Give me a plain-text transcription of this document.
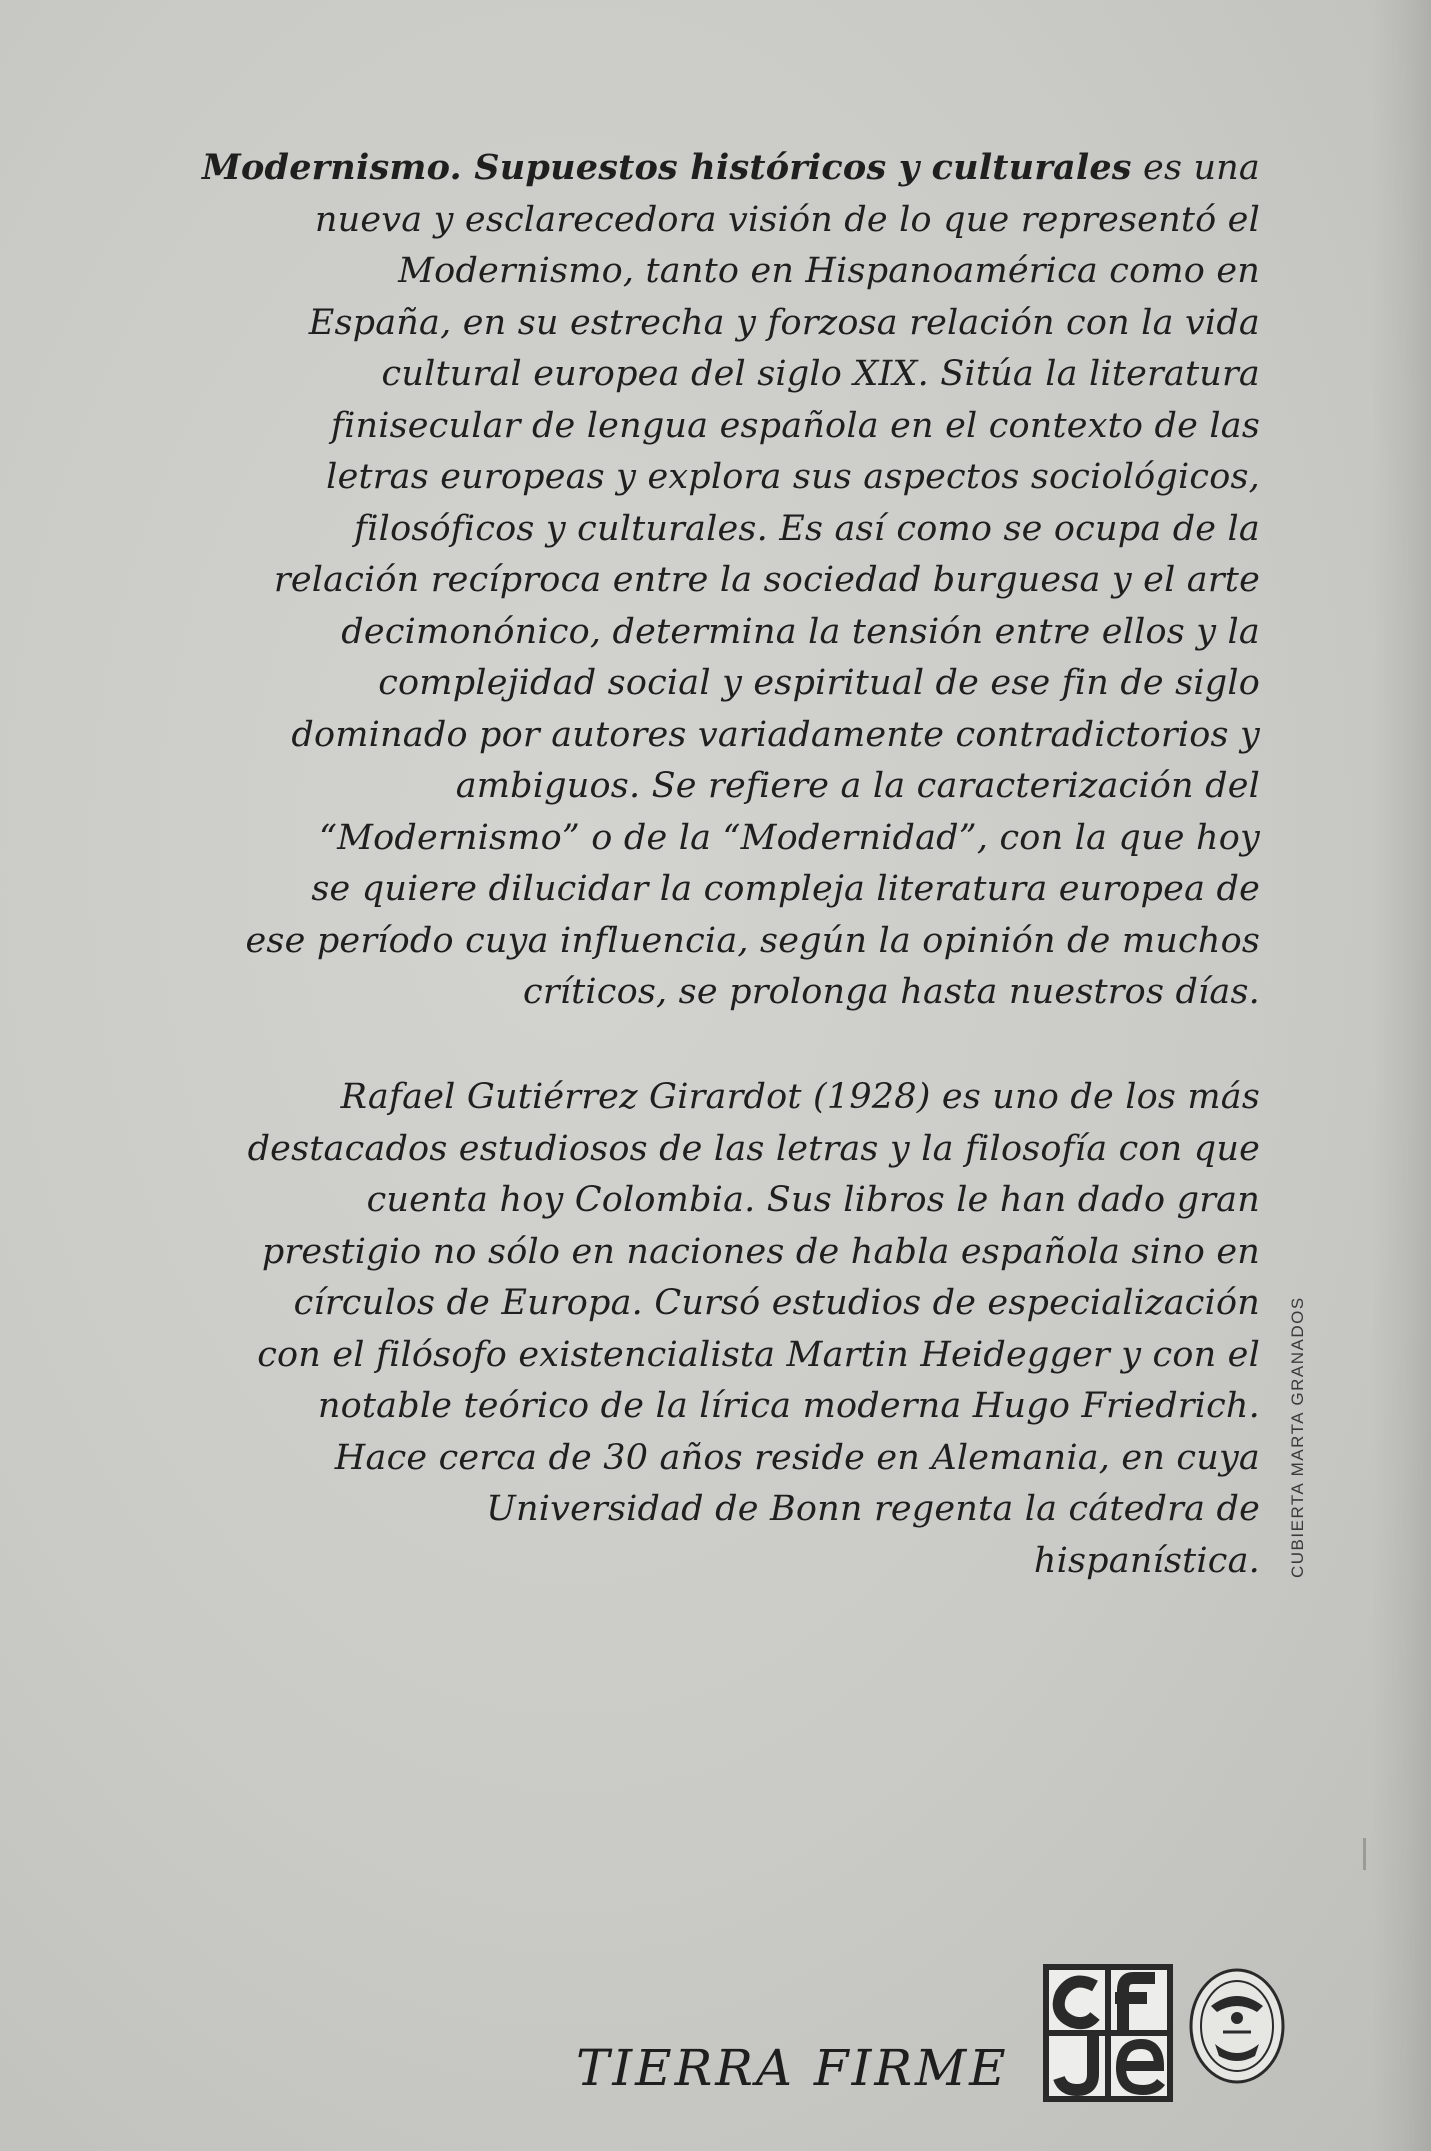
Modernismo. Supuestos históricos y culturales es una
nueva y esclarecedora visión de lo que representó el
Modernismo, tanto en Hispanoamérica como en
España, en su estrecha y forzosa relación con la vida
cultural europea del siglo XIX. Sitúa la literatura
finisecular de lengua española en el contexto de las
letras europeas y explora sus aspectos sociológicos,
filosóficos y culturales. Es así como se ocupa de la
relación recíproca entre la sociedad burguesa y el arte
decimonónico, determina la tensión entre ellos y la
complejidad social y espiritual de ese fin de siglo
dominado por autores variadamente contradictorios y
ambiguos. Se refiere a la caracterización del
“Modernismo” o de la “Modernidad”, con la que hoy
se quiere dilucidar la compleja literatura europea de
ese período cuya influencia, según la opinión de muchos
críticos, se prolonga hasta nuestros días.
Rafael Gutiérrez Girardot (1928) es uno de los más
destacados estudiosos de las letras y la filosofía con que
cuenta hoy Colombia. Sus libros le han dado gran
prestigio no sólo en naciones de habla española sino en
círculos de Europa. Cursó estudios de especialización
con el filósofo existencialista Martin Heidegger y con el
notable teórico de la lírica moderna Hugo Friedrich.
Hace cerca de 30 años reside en Alemania, en cuya
Universidad de Bonn regenta la cátedra de
hispanística. CUBIERTA MARTA GRANADOS
TIERRA FIRME
